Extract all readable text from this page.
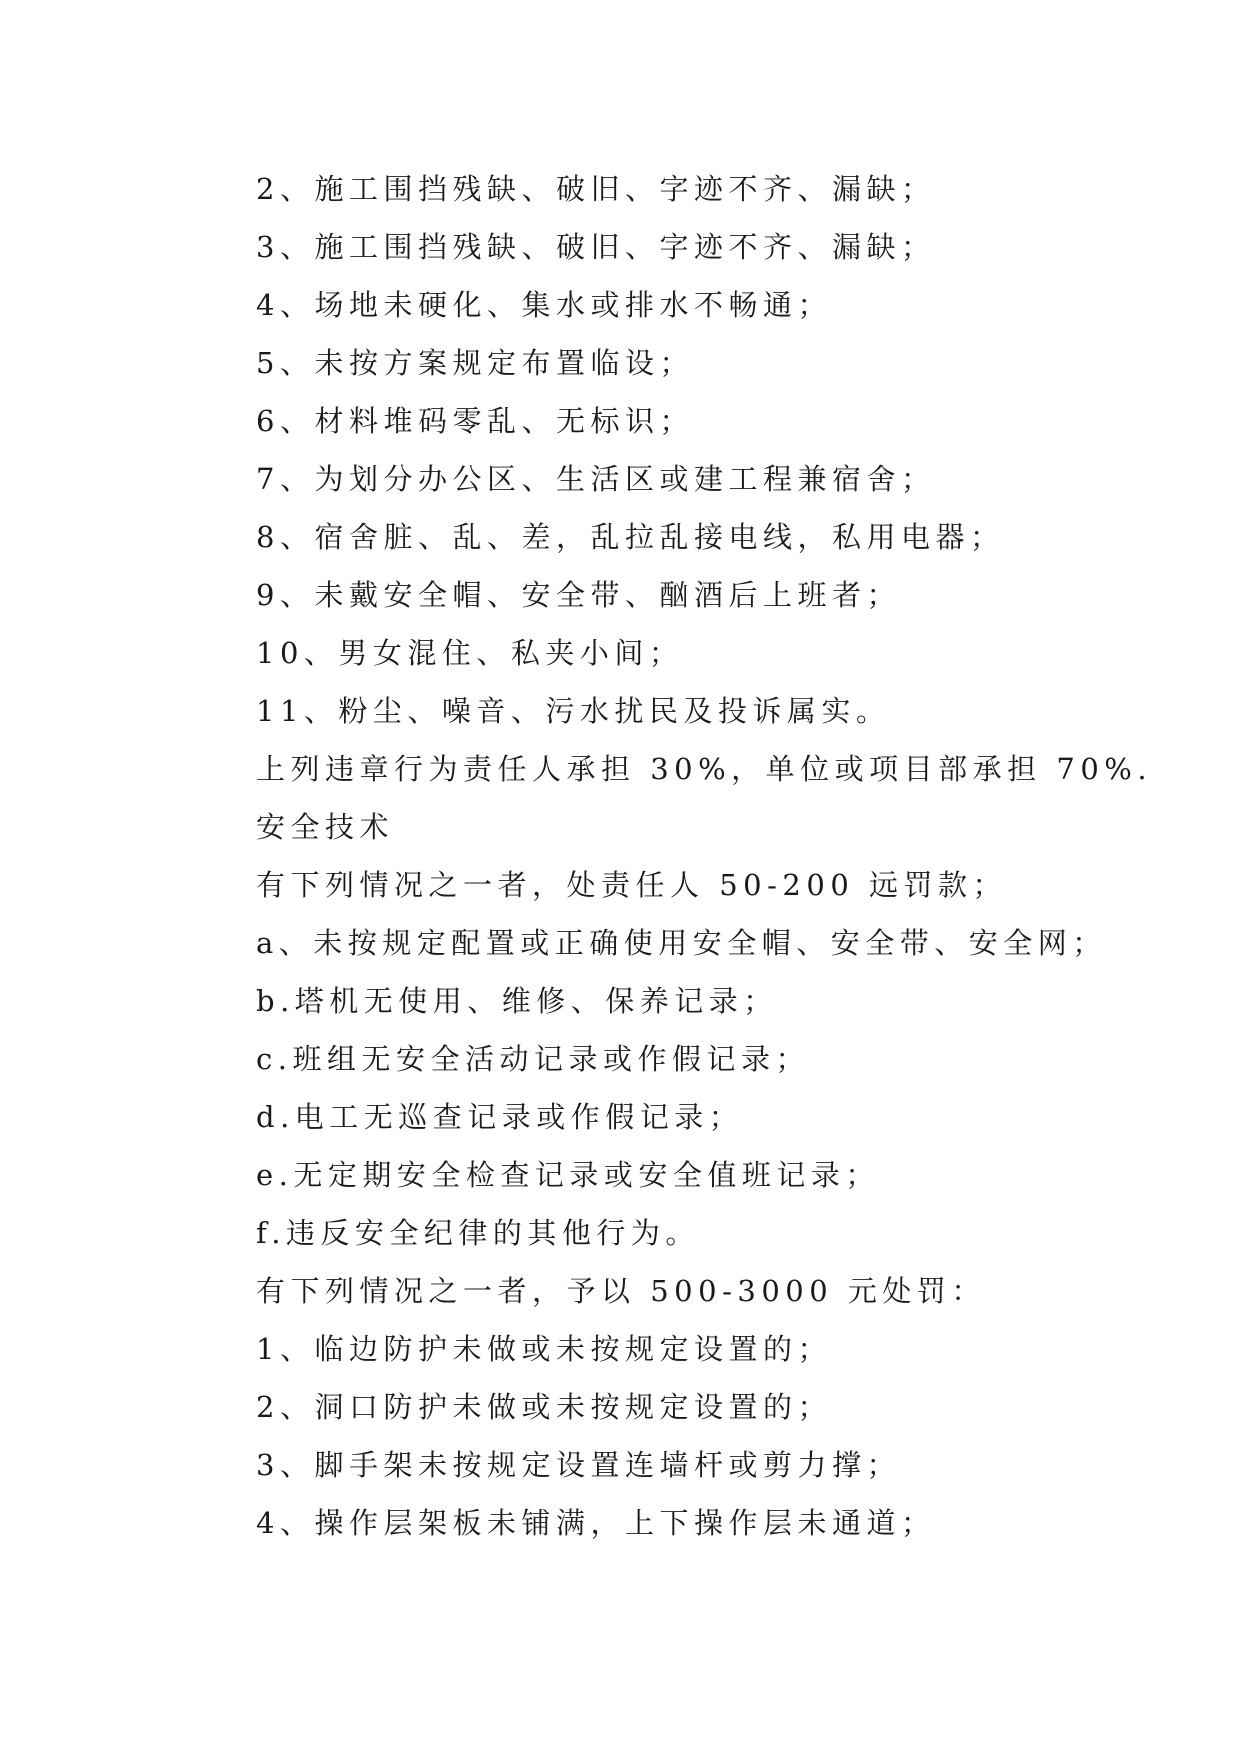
2、施工围挡残缺、破旧、字迹不齐、漏缺；
3、施工围挡残缺、破旧、字迹不齐、漏缺；
4、场地未硬化、集水或排水不畅通；
5、未按方案规定布置临设；
6、材料堆码零乱、无标识；
7、为划分办公区、生活区或建工程兼宿舍；
8、宿舍脏、乱、差，乱拉乱接电线，私用电器；
9、未戴安全帽、安全带、酗酒后上班者；
10、男女混住、私夹小间；
11、粉尘、噪音、污水扰民及投诉属实。
上列违章行为责任人承担 30%，单位或项目部承担 70%.
安全技术
有下列情况之一者，处责任人 50-200 远罚款；
a、未按规定配置或正确使用安全帽、安全带、安全网；
b.塔机无使用、维修、保养记录；
c.班组无安全活动记录或作假记录；
d.电工无巡查记录或作假记录；
e.无定期安全检查记录或安全值班记录；
f.违反安全纪律的其他行为。
有下列情况之一者，予以 500-3000 元处罚：
1、临边防护未做或未按规定设置的；
2、洞口防护未做或未按规定设置的；
3、脚手架未按规定设置连墙杆或剪力撑；
4、操作层架板未铺满，上下操作层未通道；
